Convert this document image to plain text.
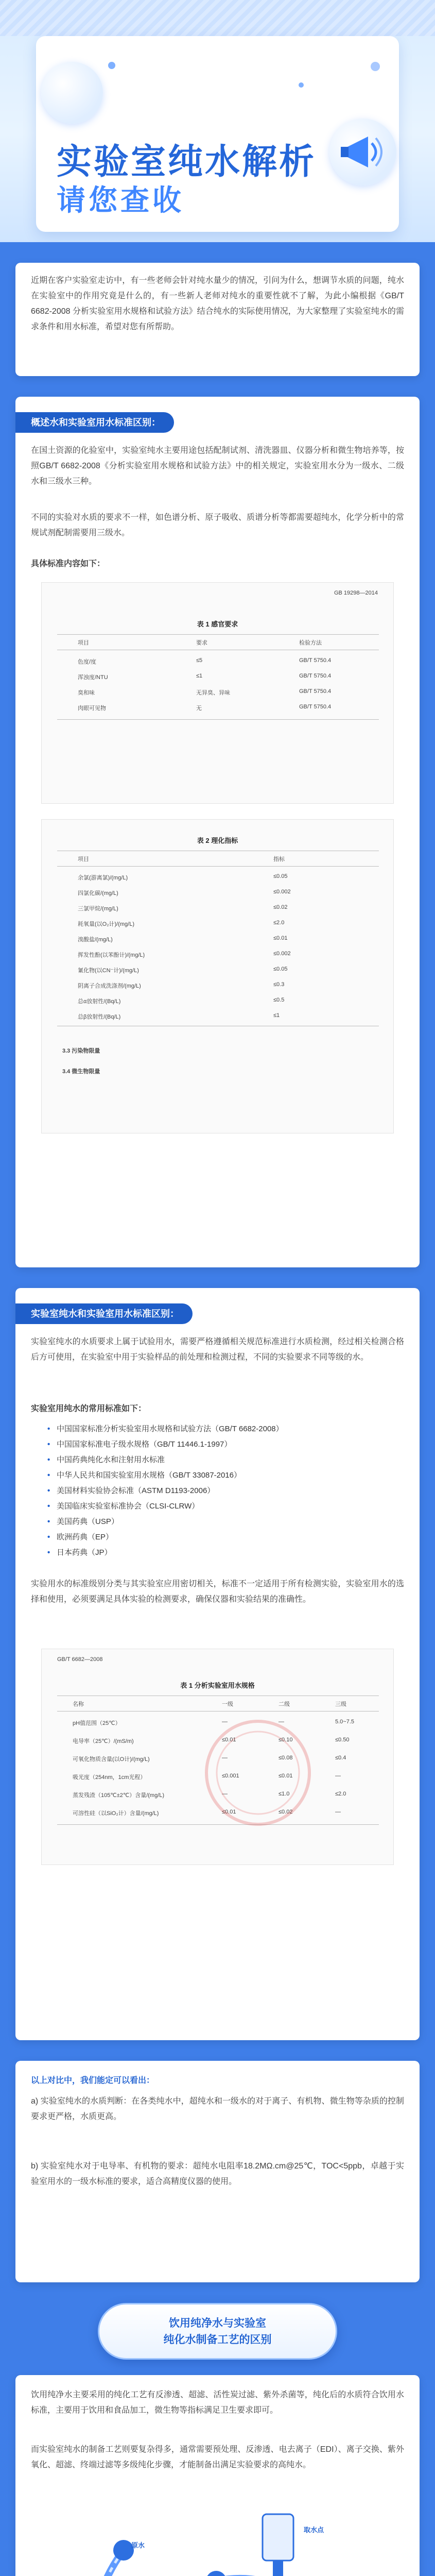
实验室纯水解析
请您查收
近期在客户实验室走访中，有一些老师会针对纯水量少的情况，引问为什么，想调节水质的问题，纯水在实验室中的作用究竟是什么的，有一些新人老师对纯水的重要性就不了解，为此小编根据《GB/T 6682-2008 分析实验室用水规格和试验方法》结合纯水的实际使用情况，为大家整理了实验室纯水的需求条件和用水标准，希望对您有所帮助。
概述水和实验室用水标准区别：
在国土资源的化验室中，实验室纯水主要用途包括配制试剂、清洗器皿、仪器分析和微生物培养等，按照GB/T 6682-2008《分析实验室用水规格和试验方法》中的相关规定，实验室用水分为一级水、二级水和三级水三种。
不同的实验对水质的要求不一样，如色谱分析、原子吸收、质谱分析等都需要超纯水，化学分析中的常规试剂配制需要用三级水。
具体标准内容如下：
GB 19298—2014
表 1 感官要求
项目	要求	检验方法
色度/度	≤5	GB/T 5750.4
浑浊度/NTU	≤1	GB/T 5750.4
臭和味	无异臭、异味	GB/T 5750.4
肉眼可见物	无	GB/T 5750.4
表 2 理化指标
项目	指标
余氯(游离氯)/(mg/L)	≤0.05
四氯化碳/(mg/L)	≤0.002
三氯甲烷/(mg/L)	≤0.02
耗氧量(以O₂计)/(mg/L)	≤2.0
溴酸盐/(mg/L)	≤0.01
挥发性酚(以苯酚计)/(mg/L)	≤0.002
氰化物(以CN⁻计)/(mg/L)	≤0.05
阴离子合成洗涤剂/(mg/L)	≤0.3
总α放射性/(Bq/L)	≤0.5
总β放射性/(Bq/L)	≤1
3.3 污染物限量
3.4 微生物限量
实验室纯水和实验室用水标准区别：
实验室纯水的水质要求上属于试验用水，需要严格遵循相关规范标准进行水质检测，经过相关检测合格后方可使用，在实验室中用于实验样品的前处理和检测过程，不同的实验要求不同等级的水。
实验室用纯水的常用标准如下：
• 中国国家标准分析实验室用水规格和试验方法（GB/T 6682-2008）
• 中国国家标准电子级水规格（GB/T 11446.1-1997）
• 中国药典纯化水和注射用水标准
• 中华人民共和国实验室用水规格（GB/T 33087-2016）
• 美国材料实验协会标准（ASTM D1193-2006）
• 美国临床实验室标准协会（CLSI-CLRW）
• 美国药典（USP）
• 欧洲药典（EP）
• 日本药典（JP）
实验用水的标准级别分类与其实验室应用密切相关，标准不一定适用于所有检测实验，实验室用水的选择和使用，必须要满足具体实验的检测要求，确保仪器和实验结果的准确性。
GB/T 6682—2008
表 1 分析实验室用水规格
名称	一级	二级	三级
pH值范围（25℃）	—	—	5.0~7.5
电导率（25℃）/(mS/m)	≤0.01	≤0.10	≤0.50
可氧化物质含量(以O计)/(mg/L)	—	≤0.08	≤0.4
吸光度（254nm，1cm光程）	≤0.001	≤0.01	—
蒸发残渣（105℃±2℃）含量/(mg/L)	—	≤1.0	≤2.0
可溶性硅（以SiO₂计）含量/(mg/L)	≤0.01	≤0.02	—
以上对比中，我们能定可以看出：
a) 实验室纯水的水质判断：在各类纯水中，超纯水和一级水的对于离子、有机物、微生物等杂质的控制要求更严格，水质更高。
b) 实验室纯水对于电导率、有机物的要求：超纯水电阻率18.2MΩ.cm@25℃，TOC<5ppb，卓越于实验室用水的一级水标准的要求，适合高精度仪器的使用。
饮用纯净水与实验室
纯化水制备工艺的区别
饮用纯净水主要采用的纯化工艺有反渗透、超滤、活性炭过滤、紫外杀菌等，纯化后的水质符合饮用水标准，主要用于饮用和食品加工，微生物等指标满足卫生要求即可。
而实验室纯水的制备工艺则要复杂得多，通常需要预处理、反渗透、电去离子（EDI）、离子交换、紫外氧化、超滤、终端过滤等多级纯化步骤，才能制备出满足实验要求的高纯水。
原水
取水点
